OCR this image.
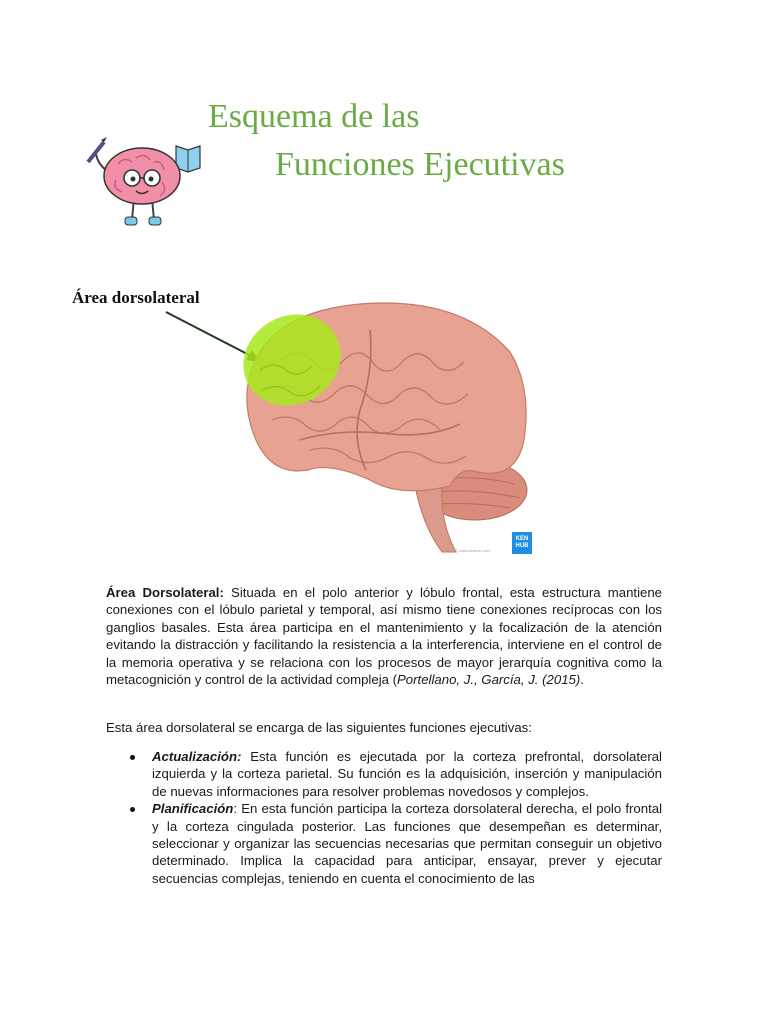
Esquema de las
Funciones Ejecutivas
Área dorsolateral
KEN
HUB
© www.kenhub.com
Área Dorsolateral: Situada en el polo anterior y lóbulo frontal, esta estructura mantiene conexiones con el lóbulo parietal y temporal, así mismo tiene conexiones recíprocas con los ganglios basales. Esta área participa en el mantenimiento y la focalización de la atención evitando la distracción y facilitando la resistencia a la interferencia, interviene en el control de la memoria operativa y se relaciona con los procesos de mayor jerarquía cognitiva como la metacognición y control de la actividad compleja (Portellano, J., García, J. (2015).
Esta área dorsolateral se encarga de las siguientes funciones ejecutivas:
Actualización: Esta función es ejecutada por la corteza prefrontal, dorsolateral izquierda y la corteza parietal. Su función es la adquisición, inserción y manipulación de nuevas informaciones para resolver problemas novedosos y complejos.
Planificación: En esta función participa la corteza dorsolateral derecha, el polo frontal y la corteza cingulada posterior. Las funciones que desempeñan es determinar, seleccionar y organizar las secuencias necesarias que permitan conseguir un objetivo determinado. Implica la capacidad para anticipar, ensayar, prever y ejecutar secuencias complejas, teniendo en cuenta el conocimiento de las
